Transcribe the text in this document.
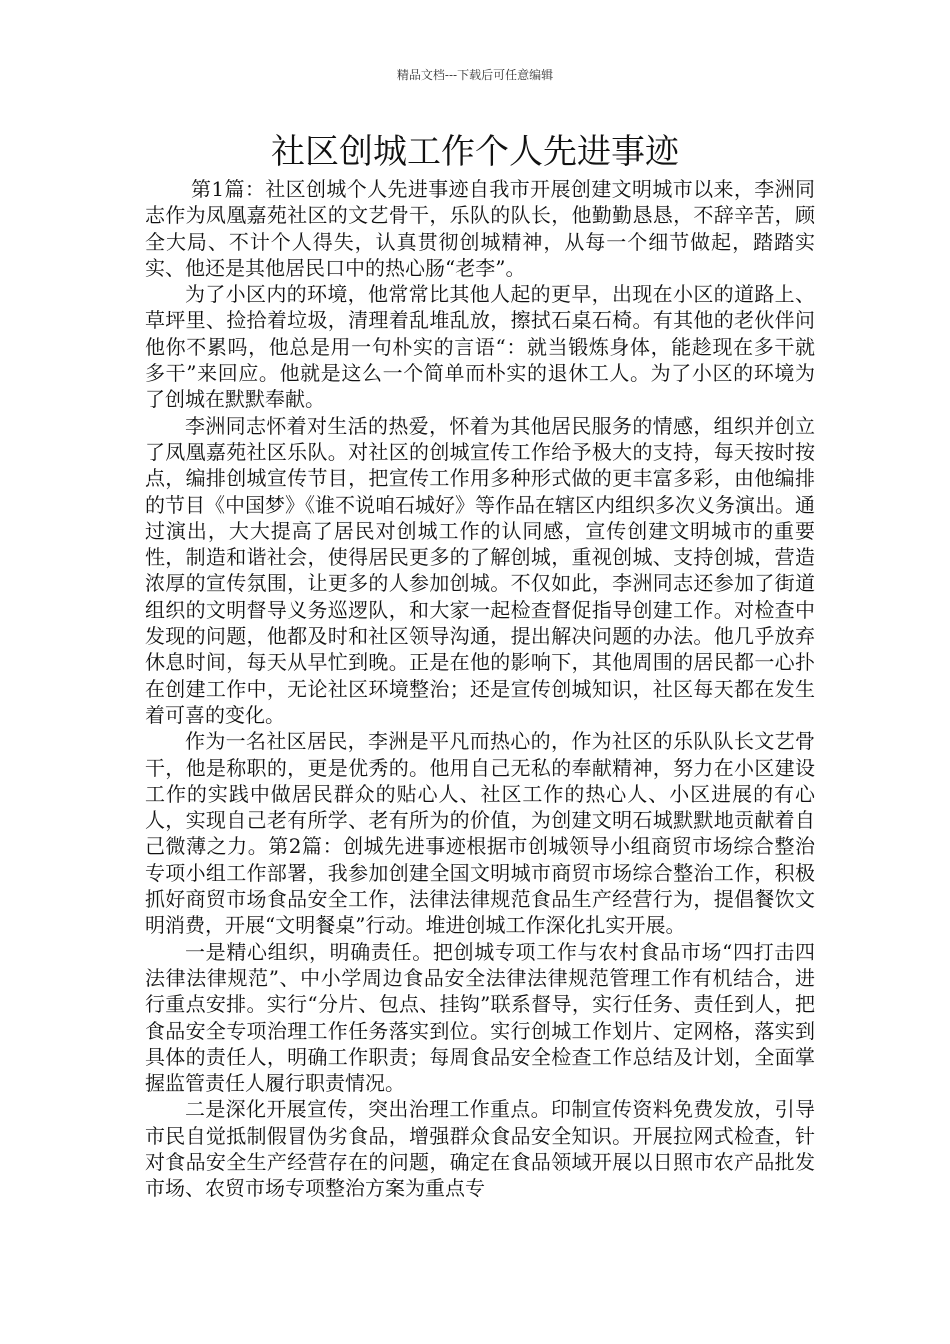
精品文档---下载后可任意编辑
社区创城工作个人先进事迹

第1篇：社区创城个人先进事迹自我市开展创建文明城市以来，李洲同志作为凤凰嘉苑社区的文艺骨干，乐队的队长，他勤勤恳恳，不辞辛苦，顾全大局、不计个人得失，认真贯彻创城精神，从每一个细节做起，踏踏实实、他还是其他居民口中的热心肠“老李”。

为了小区内的环境，他常常比其他人起的更早，出现在小区的道路上、草坪里、捡拾着垃圾，清理着乱堆乱放，擦拭石桌石椅。有其他的老伙伴问他你不累吗，他总是用一句朴实的言语“：就当锻炼身体，能趁现在多干就多干”来回应。他就是这么一个简单而朴实的退休工人。为了小区的环境为了创城在默默奉献。

李洲同志怀着对生活的热爱，怀着为其他居民服务的情感，组织并创立了凤凰嘉苑社区乐队。对社区的创城宣传工作给予极大的支持，每天按时按点，编排创城宣传节目，把宣传工作用多种形式做的更丰富多彩，由他编排的节目《中国梦》《谁不说咱石城好》等作品在辖区内组织多次义务演出。通过演出，大大提高了居民对创城工作的认同感，宣传创建文明城市的重要性，制造和谐社会，使得居民更多的了解创城，重视创城、支持创城，营造浓厚的宣传氛围，让更多的人参加创城。不仅如此，李洲同志还参加了街道组织的文明督导义务巡逻队，和大家一起检查督促指导创建工作。对检查中发现的问题，他都及时和社区领导沟通，提出解决问题的办法。他几乎放弃休息时间，每天从早忙到晚。正是在他的影响下，其他周围的居民都一心扑在创建工作中，无论社区环境整治；还是宣传创城知识，社区每天都在发生着可喜的变化。

作为一名社区居民，李洲是平凡而热心的，作为社区的乐队队长文艺骨干，他是称职的，更是优秀的。他用自己无私的奉献精神，努力在小区建设工作的实践中做居民群众的贴心人、社区工作的热心人、小区进展的有心人，实现自己老有所学、老有所为的价值，为创建文明石城默默地贡献着自己微薄之力。第2篇：创城先进事迹根据市创城领导小组商贸市场综合整治专项小组工作部署，我参加创建全国文明城市商贸市场综合整治工作，积极抓好商贸市场食品安全工作，法律法律规范食品生产经营行为，提倡餐饮文明消费，开展“文明餐桌”行动。堆进创城工作深化扎实开展。

一是精心组织，明确责任。把创城专项工作与农村食品市场“四打击四法律法律规范”、中小学周边食品安全法律法律规范管理工作有机结合，进行重点安排。实行“分片、包点、挂钩”联系督导，实行任务、责任到人，把食品安全专项治理工作任务落实到位。实行创城工作划片、定网格，落实到具体的责任人，明确工作职责；每周食品安全检查工作总结及计划，全面掌握监管责任人履行职责情况。

二是深化开展宣传，突出治理工作重点。印制宣传资料免费发放，引导市民自觉抵制假冒伪劣食品，增强群众食品安全知识。开展拉网式检查，针对食品安全生产经营存在的问题，确定在食品领域开展以日照市农产品批发市场、农贸市场专项整治方案为重点专
